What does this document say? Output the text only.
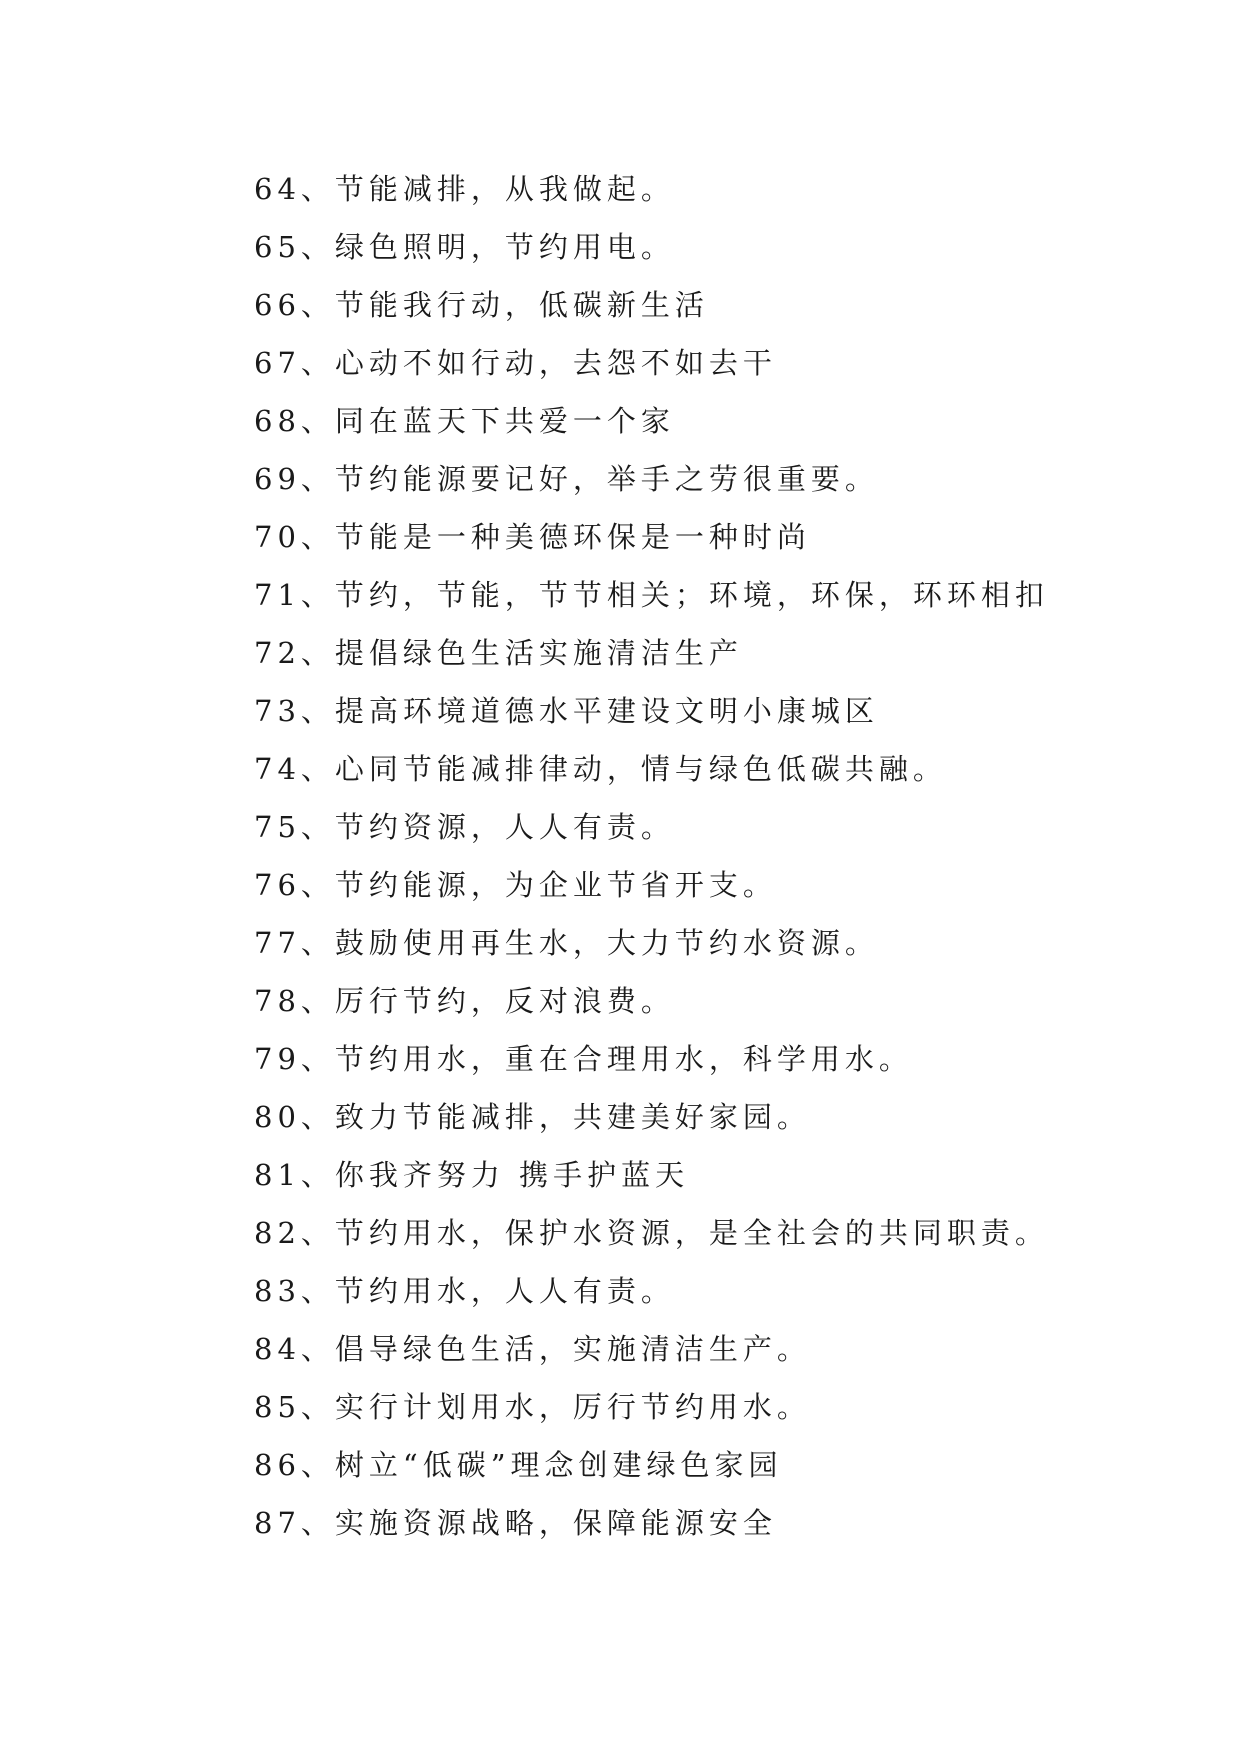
64、节能减排，从我做起。
65、绿色照明，节约用电。
66、节能我行动，低碳新生活
67、心动不如行动，去怨不如去干
68、同在蓝天下共爱一个家
69、节约能源要记好，举手之劳很重要。
70、节能是一种美德环保是一种时尚
71、节约，节能，节节相关；环境，环保，环环相扣
72、提倡绿色生活实施清洁生产
73、提高环境道德水平建设文明小康城区
74、心同节能减排律动，情与绿色低碳共融。
75、节约资源，人人有责。
76、节约能源，为企业节省开支。
77、鼓励使用再生水，大力节约水资源。
78、厉行节约，反对浪费。
79、节约用水，重在合理用水，科学用水。
80、致力节能减排，共建美好家园。
81、你我齐努力 携手护蓝天
82、节约用水，保护水资源，是全社会的共同职责。
83、节约用水，人人有责。
84、倡导绿色生活，实施清洁生产。
85、实行计划用水，厉行节约用水。
86、树立“低碳”理念创建绿色家园
87、实施资源战略，保障能源安全
